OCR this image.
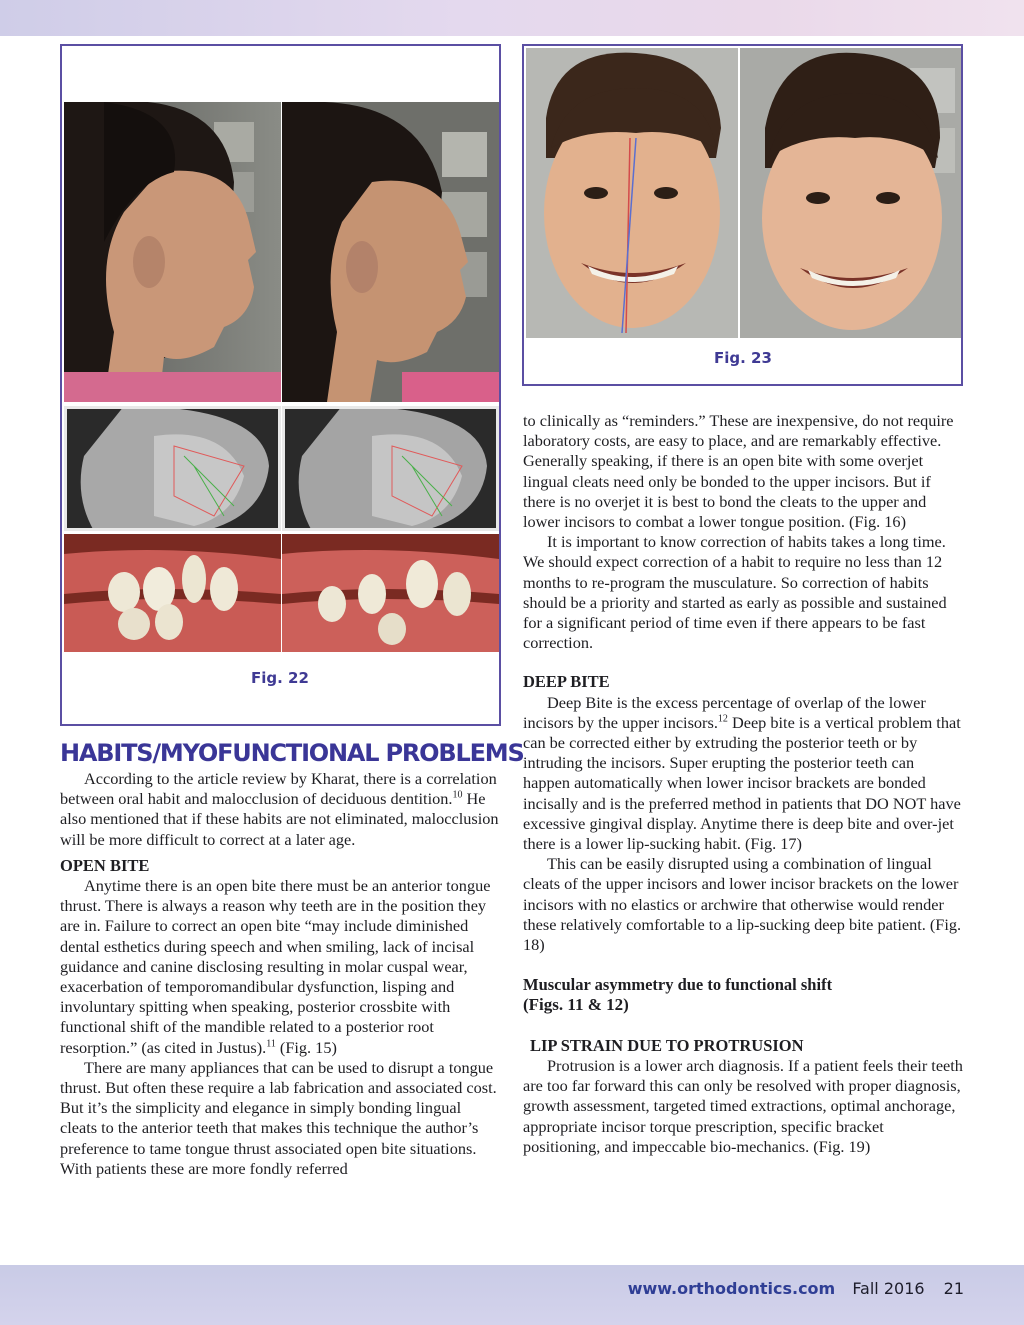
Fig. 22
Fig. 23
HABITS/MYOFUNCTIONAL PROBLEMS

According to the article review by Kharat, there is a correlation between oral habit and malocclusion of deciduous dentition.$^{10}$ He also mentioned that if these habits are not eliminated, malocclusion will be more difficult to correct at a later age.

OPEN BITE

Anytime there is an open bite there must be an anterior tongue thrust. There is always a reason why teeth are in the position they are in. Failure to correct an open bite “may include diminished dental esthetics during speech and when smiling, lack of incisal guidance and canine disclosing resulting in molar cuspal wear, exacerbation of temporomandibular dysfunction, lisping and involuntary spitting when speaking, posterior crossbite with functional shift of the mandible related to a posterior root resorption.” (as cited in Justus).$^{11}$ (Fig. 15)

There are many appliances that can be used to disrupt a tongue thrust. But often these require a lab fabrication and associated cost. But it’s the simplicity and elegance in simply bonding lingual cleats to the anterior teeth that makes this technique the author’s preference to tame tongue thrust associated open bite situations. With patients these are more fondly referred

to clinically as “reminders.” These are inexpensive, do not require laboratory costs, are easy to place, and are remarkably effective. Generally speaking, if there is an open bite with some overjet lingual cleats need only be bonded to the upper incisors. But if there is no overjet it is best to bond the cleats to the upper and lower incisors to combat a lower tongue position. (Fig. 16)

It is important to know correction of habits takes a long time. We should expect correction of a habit to require no less than 12 months to re-program the musculature. So correction of habits should be a priority and started as early as possible and sustained for a significant period of time even if there appears to be fast correction.

DEEP BITE

Deep Bite is the excess percentage of overlap of the lower incisors by the upper incisors.$^{12}$ Deep bite is a vertical problem that can be corrected either by extruding the posterior teeth or by intruding the incisors. Super erupting the posterior teeth can happen automatically when lower incisor brackets are bonded incisally and is the preferred method in patients that DO NOT have excessive gingival display. Anytime there is deep bite and over-jet there is a lower lip-sucking habit. (Fig. 17)

This can be easily disrupted using a combination of lingual cleats of the upper incisors and lower incisor brackets on the lower incisors with no elastics or archwire that otherwise would render these relatively comfortable to a lip-sucking deep bite patient. (Fig. 18)

Muscular asymmetry due to functional shift
(Figs. 11 & 12)
LIP STRAIN DUE TO PROTRUSION

Protrusion is a lower arch diagnosis. If a patient feels their teeth are too far forward this can only be resolved with proper diagnosis, growth assessment, targeted timed extractions, optimal anchorage, appropriate incisor torque prescription, specific bracket positioning, and impeccable bio-mechanics. (Fig. 19)

www.orthodontics.com Fall 2016 21
